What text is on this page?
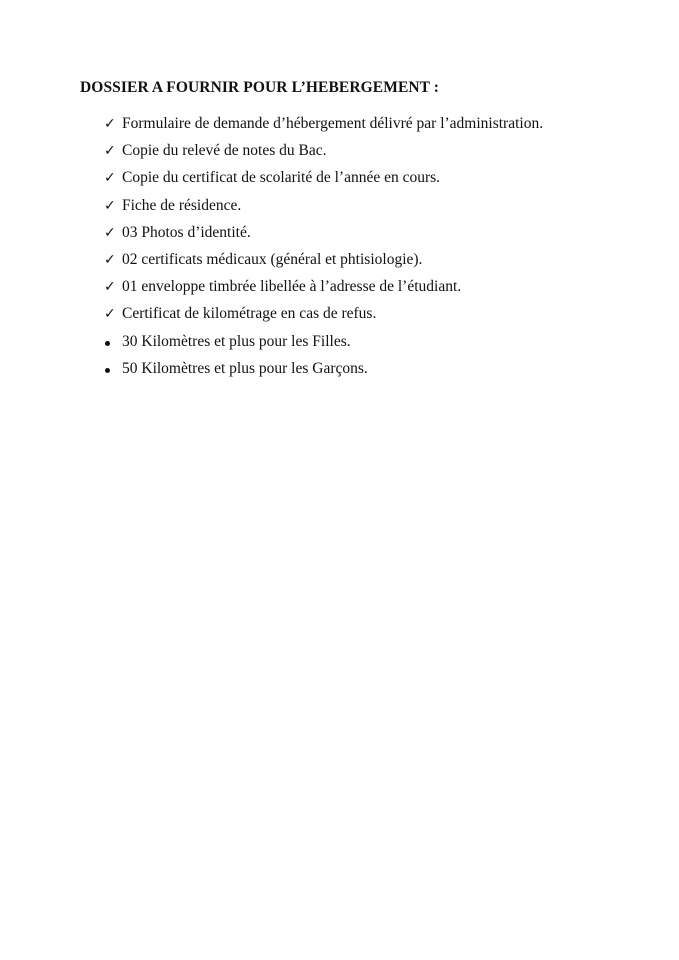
DOSSIER A FOURNIR POUR L’HEBERGEMENT :
✓ Formulaire de demande d’hébergement délivré par l’administration.
✓ Copie du relevé de notes du Bac.
✓ Copie du certificat de scolarité de l’année en cours.
✓ Fiche de résidence.
✓ 03 Photos d’identité.
✓ 02 certificats médicaux (général et phtisiologie).
✓ 01 enveloppe timbrée libellée à l’adresse de l’étudiant.
✓ Certificat de kilométrage en cas de refus.
30 Kilomètres et plus pour les Filles.
50 Kilomètres et plus pour les Garçons.
